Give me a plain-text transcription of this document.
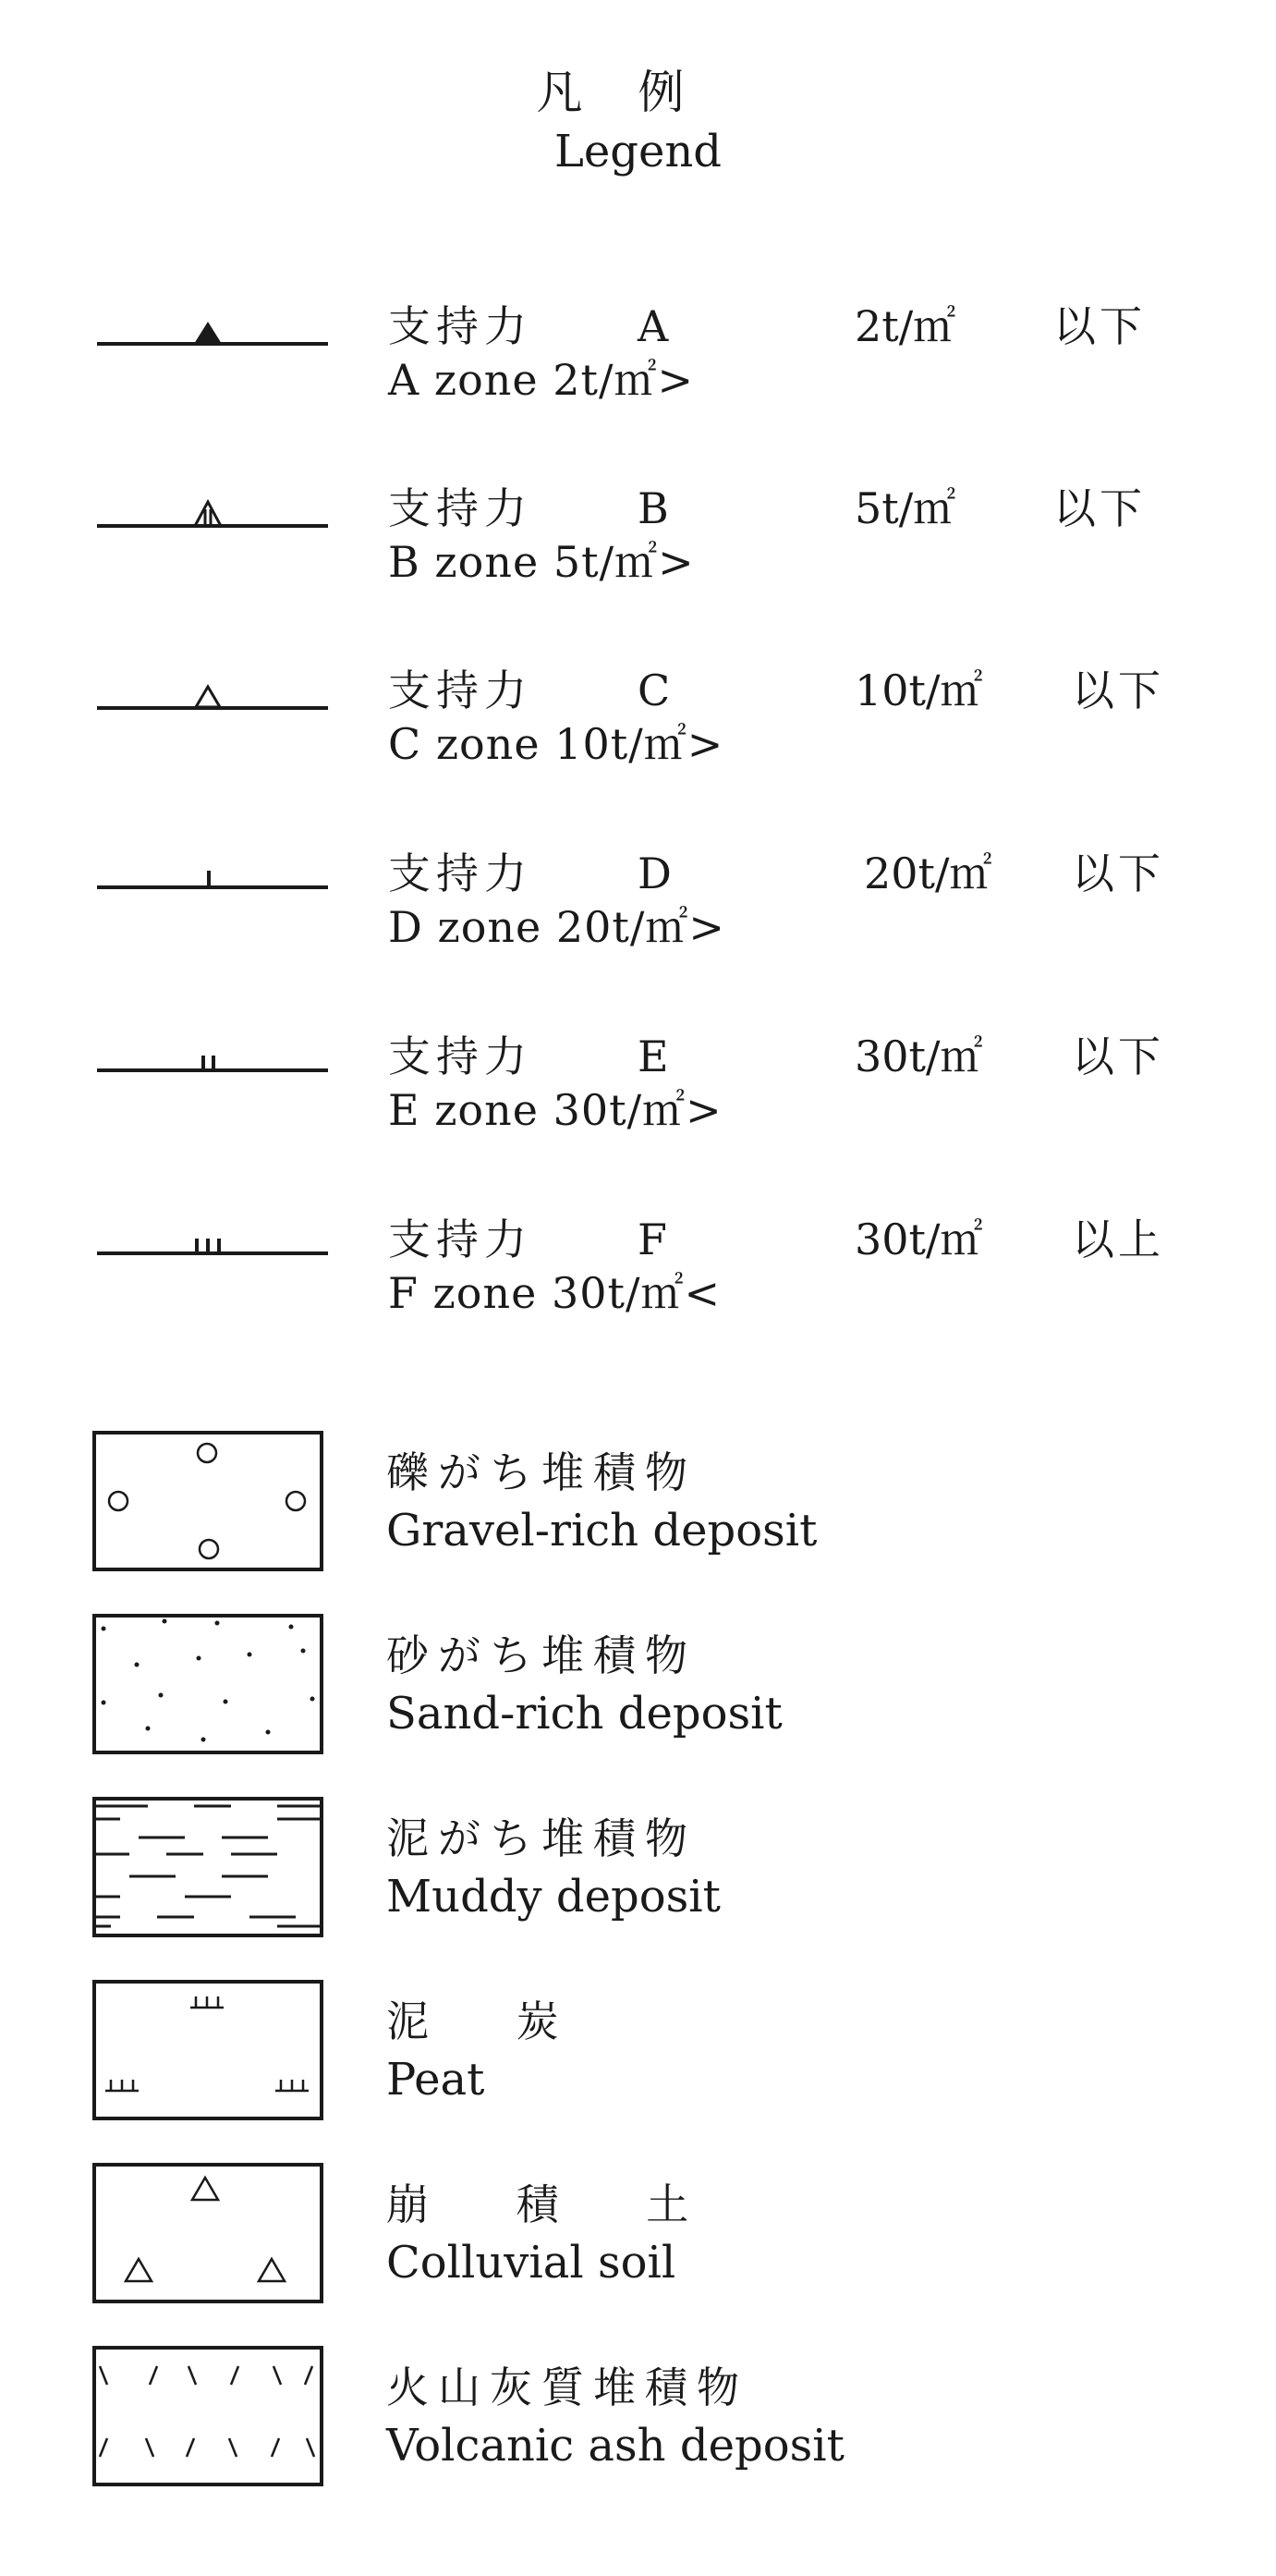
凡例
Legend
支持力 A	2t/㎡ 以下
A zone 2t/㎡>
支持力 B	5t/㎡ 以下
B zone 5t/㎡>
支持力 C	10t/㎡ 以下
C zone 10t/㎡>
支持力 D	20t/㎡ 以下
D zone 20t/㎡>
支持力 E	30t/㎡ 以下
E zone 30t/㎡>
支持力 F	30t/㎡ 以上
F zone 30t/㎡<
礫がち堆積物
Gravel-rich deposit
砂がち堆積物
Sand-rich deposit
泥がち堆積物
Muddy deposit
泥 炭
Peat
崩 積 土
Colluvial soil
火山灰質堆積物
Volcanic ash deposit
